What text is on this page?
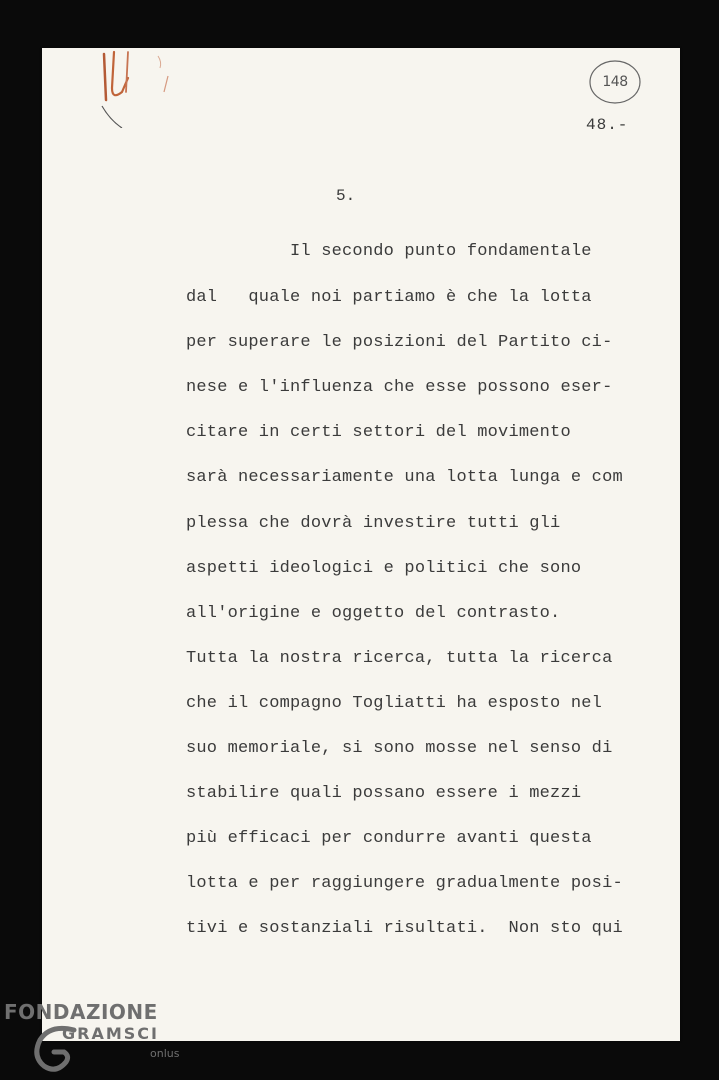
148
48.-
5.
Il secondo punto fondamentale
dal   quale noi partiamo è che la lotta
per superare le posizioni del Partito ci-
nese e l'influenza che esse possono eser-
citare in certi settori del movimento
sarà necessariamente una lotta lunga e com
plessa che dovrà investire tutti gli
aspetti ideologici e politici che sono
all'origine e oggetto del contrasto.
Tutta la nostra ricerca, tutta la ricerca
che il compagno Togliatti ha esposto nel
suo memoriale, si sono mosse nel senso di
stabilire quali possano essere i mezzi
più efficaci per condurre avanti questa
lotta e per raggiungere gradualmente posi-
tivi e sostanziali risultati.  Non sto qui
FONDAZIONE
GRAMSCI
onlus
